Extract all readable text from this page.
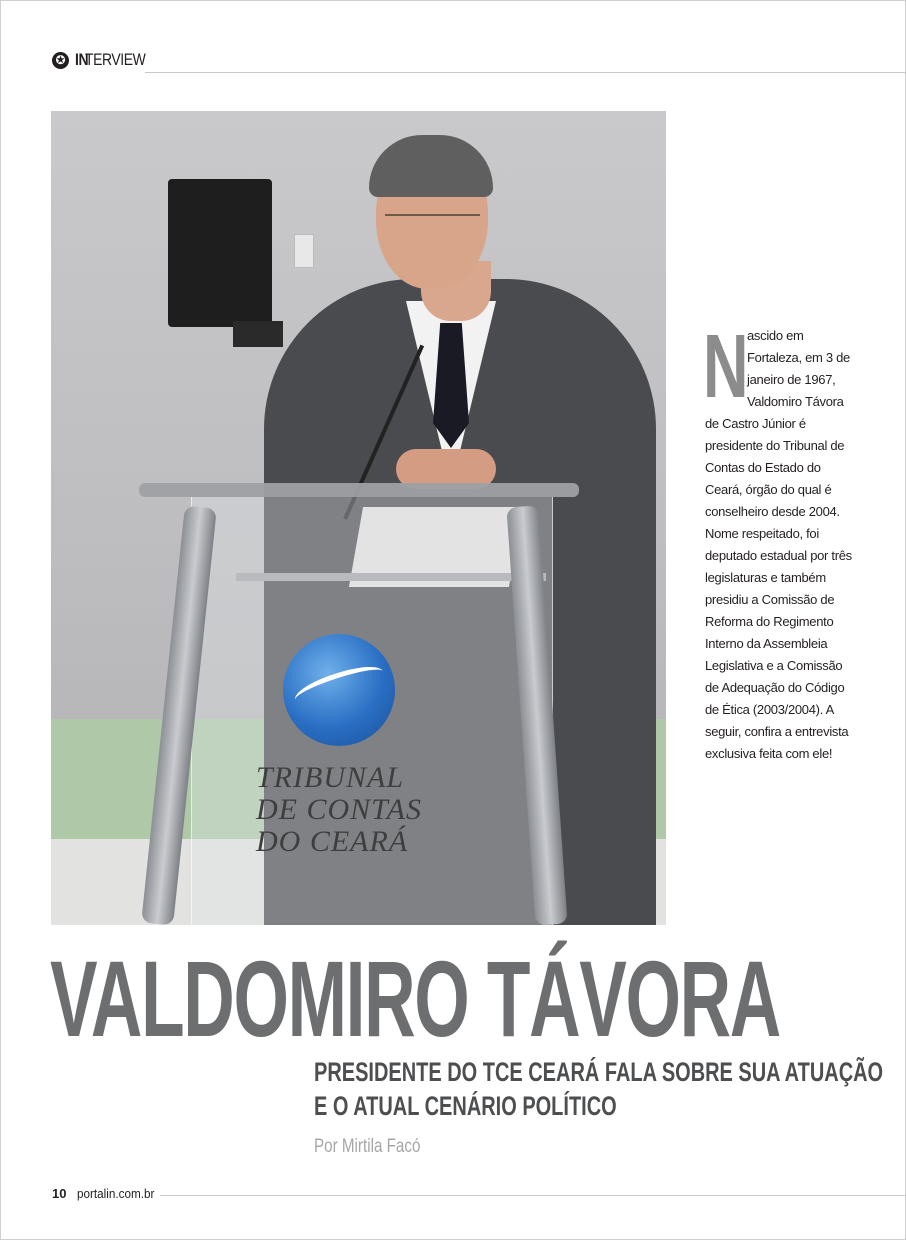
✪ IN
TERVIEW
TRIBUNAL
DE CONTAS
DO CEARÁ
N
ascido em Fortaleza, em 3 de janeiro de 1967, Valdomiro Távora de Castro Júnior é presidente do Tribunal de Contas do Estado do Ceará, órgão do qual é conselheiro desde 2004. Nome respeitado, foi deputado estadual por três legislaturas e também presidiu a Comissão de Reforma do Regimento Interno da Assembleia Legislativa e a Comissão de Adequação do Código de Ética (2003/2004). A seguir, confira a entrevista exclusiva feita com ele!
VALDOMIRO TÁVORA
PRESIDENTE DO TCE CEARÁ FALA SOBRE SUA ATUAÇÃO
E O ATUAL CENÁRIO POLÍTICO
Por Mirtila Facó
10 portalin.com.br
